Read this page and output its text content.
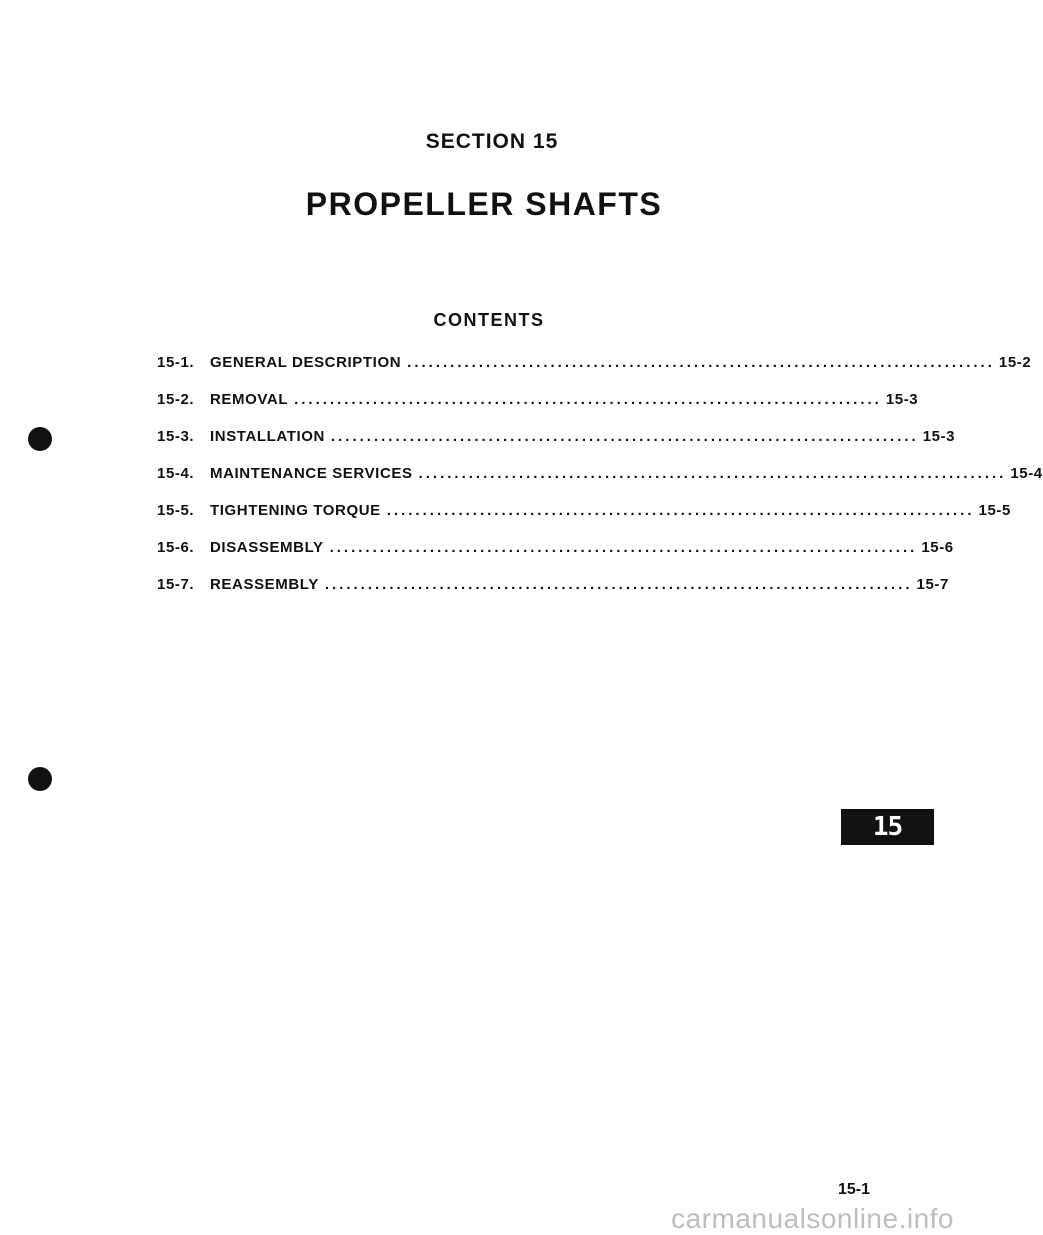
SECTION 15
PROPELLER SHAFTS
CONTENTS
15-1.	GENERAL DESCRIPTION .................................................................................. 15-2
15-2.	REMOVAL .................................................................................. 15-3
15-3.	INSTALLATION .................................................................................. 15-3
15-4.	MAINTENANCE SERVICES .................................................................................. 15-4
15-5.	TIGHTENING TORQUE .................................................................................. 15-5
15-6.	DISASSEMBLY .................................................................................. 15-6
15-7.	REASSEMBLY .................................................................................. 15-7
15
15-1
carmanualsonline.info
